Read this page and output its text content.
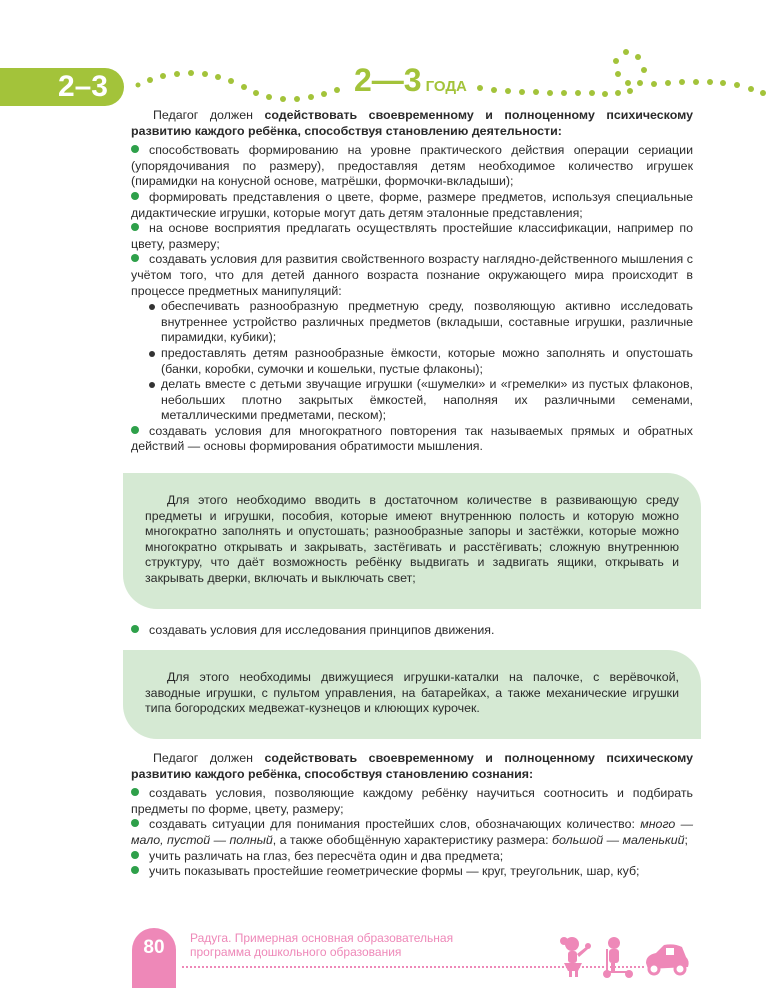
2–3	2—3 ГОДА

Педагог должен содействовать своевременному и полноценному психическому развитию каждого ребёнка, способствуя становлению деятельности:

способствовать формированию на уровне практического действия операции сериации (упорядочивания по размеру), предоставляя детям необходимое количество игрушек (пирамидки на конусной основе, матрёшки, формочки-вкладыши);

формировать представления о цвете, форме, размере предметов, используя специальные дидактические игрушки, которые могут дать детям эталонные представления;

на основе восприятия предлагать осуществлять простейшие классификации, например по цвету, размеру;

создавать условия для развития свойственного возрасту наглядно-действенного мышления с учётом того, что для детей данного возраста познание окружающего мира происходит в процессе предметных манипуляций:

обеспечивать разнообразную предметную среду, позволяющую активно исследовать внутреннее устройство различных предметов (вкладыши, составные игрушки, различные пирамидки, кубики);

предоставлять детям разнообразные ёмкости, которые можно заполнять и опустошать (банки, коробки, сумочки и кошельки, пустые флаконы);

делать вместе с детьми звучащие игрушки («шумелки» и «гремелки» из пустых флаконов, небольших плотно закрытых ёмкостей, наполняя их различными семенами, металлическими предметами, песком);

создавать условия для многократного повторения так называемых прямых и обратных действий — основы формирования обратимости мышления.

Для этого необходимо вводить в достаточном количестве в развивающую среду предметы и игрушки, пособия, которые имеют внутреннюю полость и которую можно многократно заполнять и опустошать; разнообразные запоры и застёжки, которые можно многократно открывать и закрывать, застёгивать и расстёгивать; сложную внутреннюю структуру, что даёт возможность ребёнку выдвигать и задвигать ящики, открывать и закрывать дверки, включать и выключать свет;

создавать условия для исследования принципов движения.

Для этого необходимы движущиеся игрушки-каталки на палочке, с верёвочкой, заводные игрушки, с пультом управления, на батарейках, а также механические игрушки типа богородских медвежат-кузнецов и клюющих курочек.

Педагог должен содействовать своевременному и полноценному психическому развитию каждого ребёнка, способствуя становлению сознания:

создавать условия, позволяющие каждому ребёнку научиться соотносить и подбирать предметы по форме, цвету, размеру;

создавать ситуации для понимания простейших слов, обозначающих количество: много — мало, пустой — полный, а также обобщённую характеристику размера: большой — маленький;

учить различать на глаз, без пересчёта один и два предмета;

учить показывать простейшие геометрические формы — круг, треугольник, шар, куб;

80	Радуга. Примерная основная образовательная
программа дошкольного образования
